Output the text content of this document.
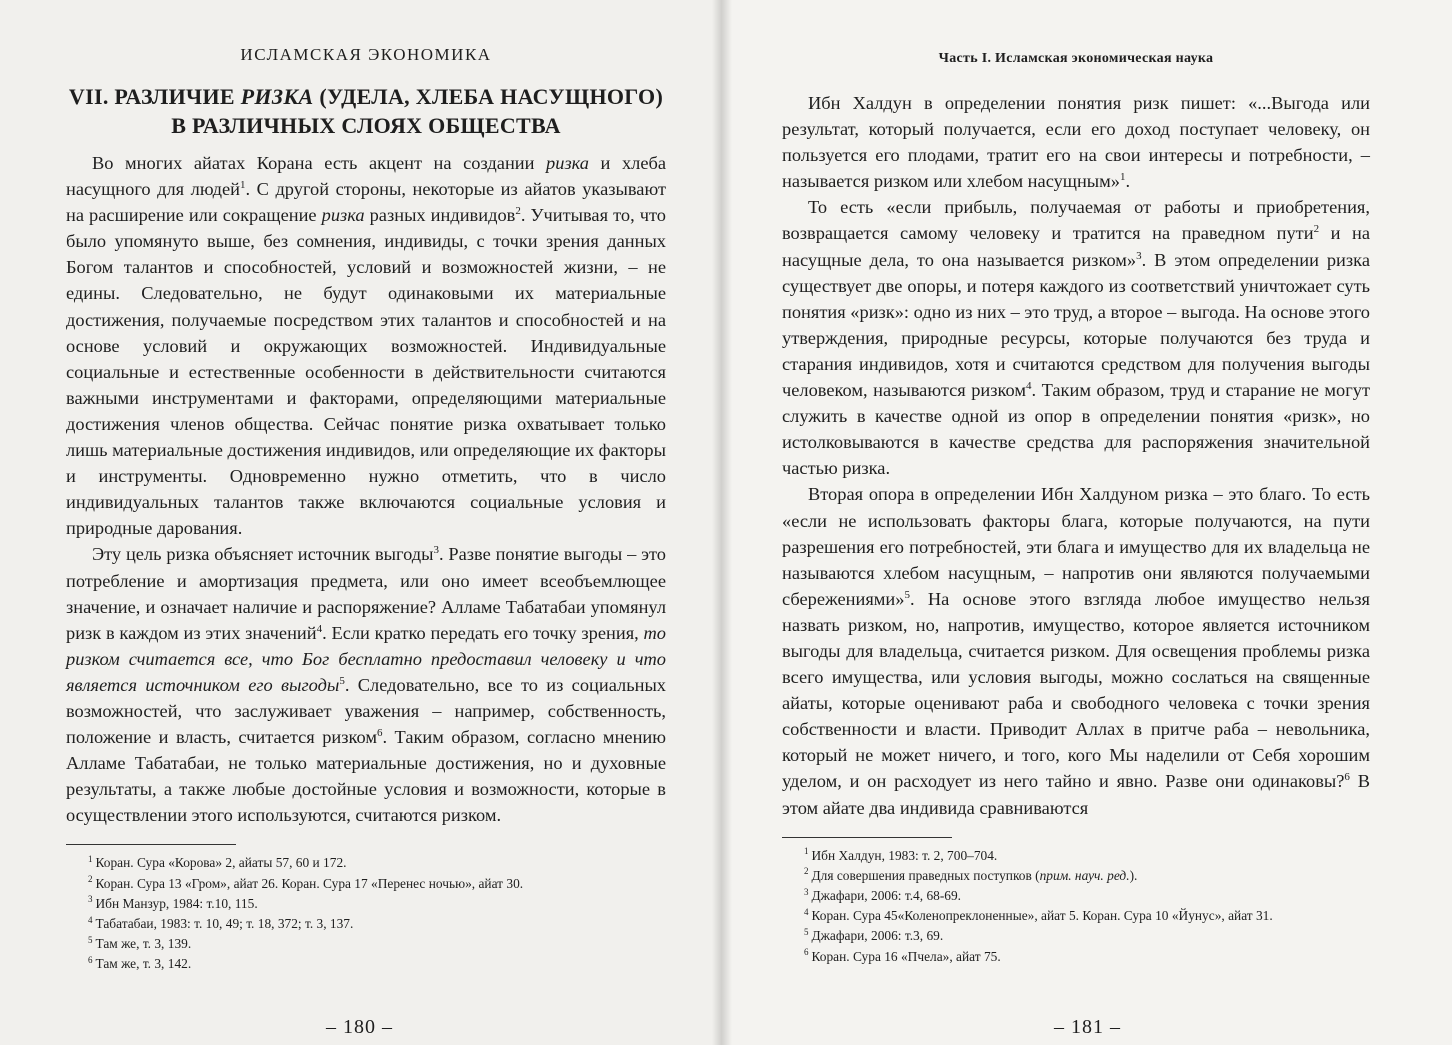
ИСЛАМСКАЯ ЭКОНОМИКА
VII. РАЗЛИЧИЕ РИЗКА (УДЕЛА, ХЛЕБА НАСУЩНОГО)
В РАЗЛИЧНЫХ СЛОЯХ ОБЩЕСТВА

Во многих айатах Корана есть акцент на создании ризка и хлеба насущного для людей$^1$. С другой стороны, некоторые из айатов указывают на расширение или сокращение ризка разных индивидов$^2$. Учитывая то, что было упомянуто выше, без сомнения, индивиды, с точки зрения данных Богом талантов и способностей, условий и возможностей жизни, – не едины. Следовательно, не будут одинаковыми их материальные достижения, получаемые посредством этих талантов и способностей и на основе условий и окружающих возможностей. Индивидуальные социальные и естественные особенности в действительности считаются важными инструментами и факторами, определяющими материальные достижения членов общества. Сейчас понятие ризка охватывает только лишь материальные достижения индивидов, или определяющие их факторы и инструменты. Одновременно нужно отметить, что в число индивидуальных талантов также включаются социальные условия и природные дарования.

Эту цель ризка объясняет источник выгоды$^3$. Разве понятие выгоды – это потребление и амортизация предмета, или оно имеет всеобъемлющее значение, и означает наличие и распоряжение? Алламе Табатабаи упомянул ризк в каждом из этих значений$^4$. Если кратко передать его точку зрения, то ризком считается все, что Бог бесплатно предоставил человеку и что является источником его выгоды$^5$. Следовательно, все то из социальных возможностей, что заслуживает уважения – например, собственность, положение и власть, считается ризком$^6$. Таким образом, согласно мнению Алламе Табатабаи, не только материальные достижения, но и духовные результаты, а также любые достойные условия и возможности, которые в осуществлении этого используются, считаются ризком.

$^1$ Коран. Сура «Корова» 2, айаты 57, 60 и 172.
$^2$ Коран. Сура 13 «Гром», айат 26. Коран. Сура 17 «Перенес ночью», айат 30.
$^3$ Ибн Манзур, 1984: т.10, 115.
$^4$ Табатабаи, 1983: т. 10, 49; т. 18, 372; т. 3, 137.
$^5$ Там же, т. 3, 139.
$^6$ Там же, т. 3, 142.
– 180 –
Часть I. Исламская экономическая наука

Ибн Халдун в определении понятия ризк пишет: «...Выгода или результат, который получается, если его доход поступает человеку, он пользуется его плодами, тратит его на свои интересы и потребности, – называется ризком или хлебом насущным»$^1$.

То есть «если прибыль, получаемая от работы и приобретения, возвращается самому человеку и тратится на праведном пути$^2$ и на насущные дела, то она называется ризком»$^3$. В этом определении ризка существует две опоры, и потеря каждого из соответствий уничтожает суть понятия «ризк»: одно из них – это труд, а второе – выгода. На основе этого утверждения, природные ресурсы, которые получаются без труда и старания индивидов, хотя и считаются средством для получения выгоды человеком, называются ризком$^4$. Таким образом, труд и старание не могут служить в качестве одной из опор в определении понятия «ризк», но истолковываются в качестве средства для распоряжения значительной частью ризка.

Вторая опора в определении Ибн Халдуном ризка – это благо. То есть «если не использовать факторы блага, которые получаются, на пути разрешения его потребностей, эти блага и имущество для их владельца не называются хлебом насущным, – напротив они являются получаемыми сбережениями»$^5$. На основе этого взгляда любое имущество нельзя назвать ризком, но, напротив, имущество, которое является источником выгоды для владельца, считается ризком. Для освещения проблемы ризка всего имущества, или условия выгоды, можно сослаться на священные айаты, которые оценивают раба и свободного человека с точки зрения собственности и власти. Приводит Аллах в притче раба – невольника, который не может ничего, и того, кого Мы наделили от Себя хорошим уделом, и он расходует из него тайно и явно. Разве они одинаковы?$^6$ В этом айате два индивида сравниваются

$^1$ Ибн Халдун, 1983: т. 2, 700–704.
$^2$ Для совершения праведных поступков (прим. науч. ред.).
$^3$ Джафари, 2006: т.4, 68-69.
$^4$ Коран. Сура 45«Коленопреклоненные», айат 5. Коран. Сура 10 «Йунус», айат 31.
$^5$ Джафари, 2006: т.3, 69.
$^6$ Коран. Сура 16 «Пчела», айат 75.
– 181 –
